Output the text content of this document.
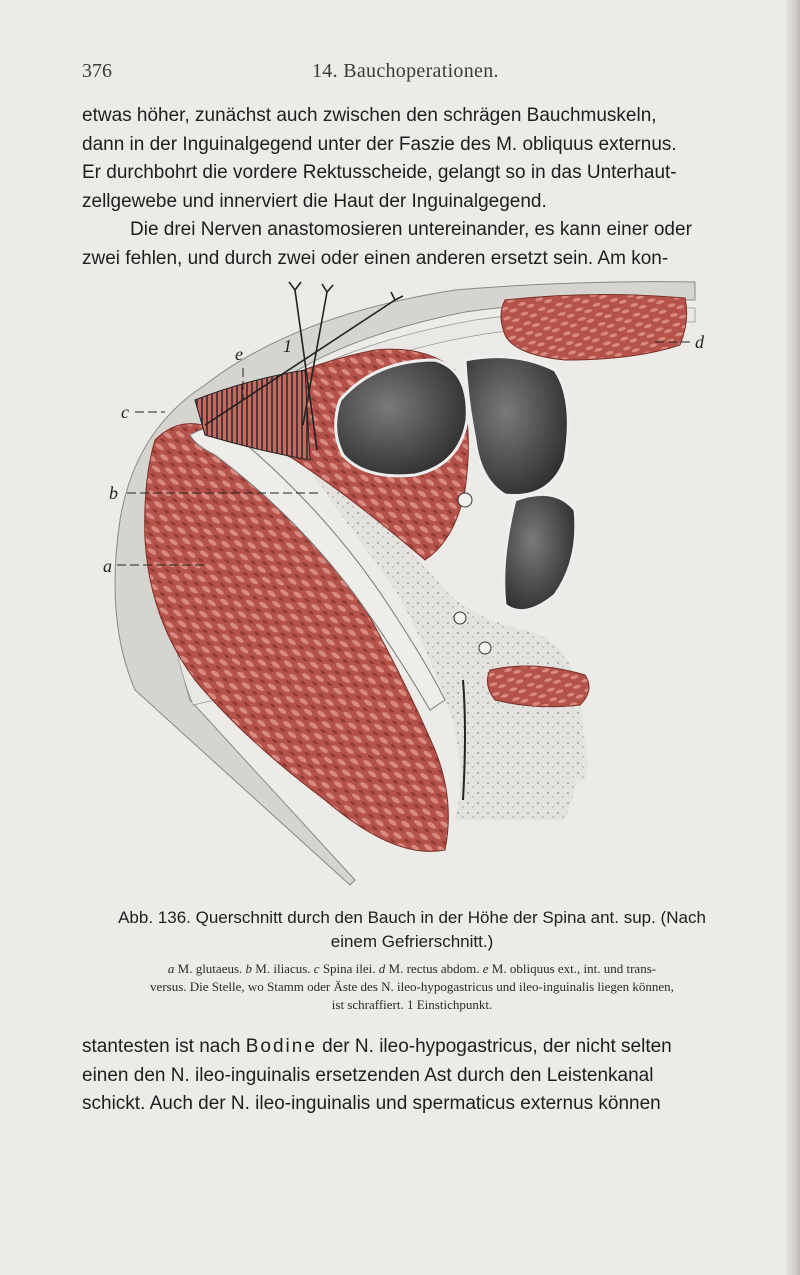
376	14. Bauchoperationen.

etwas höher, zunächst auch zwischen den schrägen Bauchmuskeln,

dann in der Inguinalgegend unter der Faszie des M. obliquus externus.

Er durchbohrt die vordere Rektusscheide, gelangt so in das Unterhaut-

zellgewebe und innerviert die Haut der Inguinalgegend.

Die drei Nerven anastomosieren untereinander, es kann einer oder

zwei fehlen, und durch zwei oder einen anderen ersetzt sein. Am kon-

a
b
c
d
e 1

Abb. 136. Querschnitt durch den Bauch in der Höhe der Spina ant. sup. (Nach
einem Gefrierschnitt.)

a M. glutaeus. b M. iliacus. c Spina ilei. d M. rectus abdom. e M. obliquus ext., int. und trans-
versus. Die Stelle, wo Stamm oder Äste des N. ileo-hypogastricus und ileo-inguinalis liegen können,
ist schraffiert. 1 Einstichpunkt.

stantesten ist nach Bodine der N. ileo-hypogastricus, der nicht selten

einen den N. ileo-inguinalis ersetzenden Ast durch den Leistenkanal

schickt. Auch der N. ileo-inguinalis und spermaticus externus können
